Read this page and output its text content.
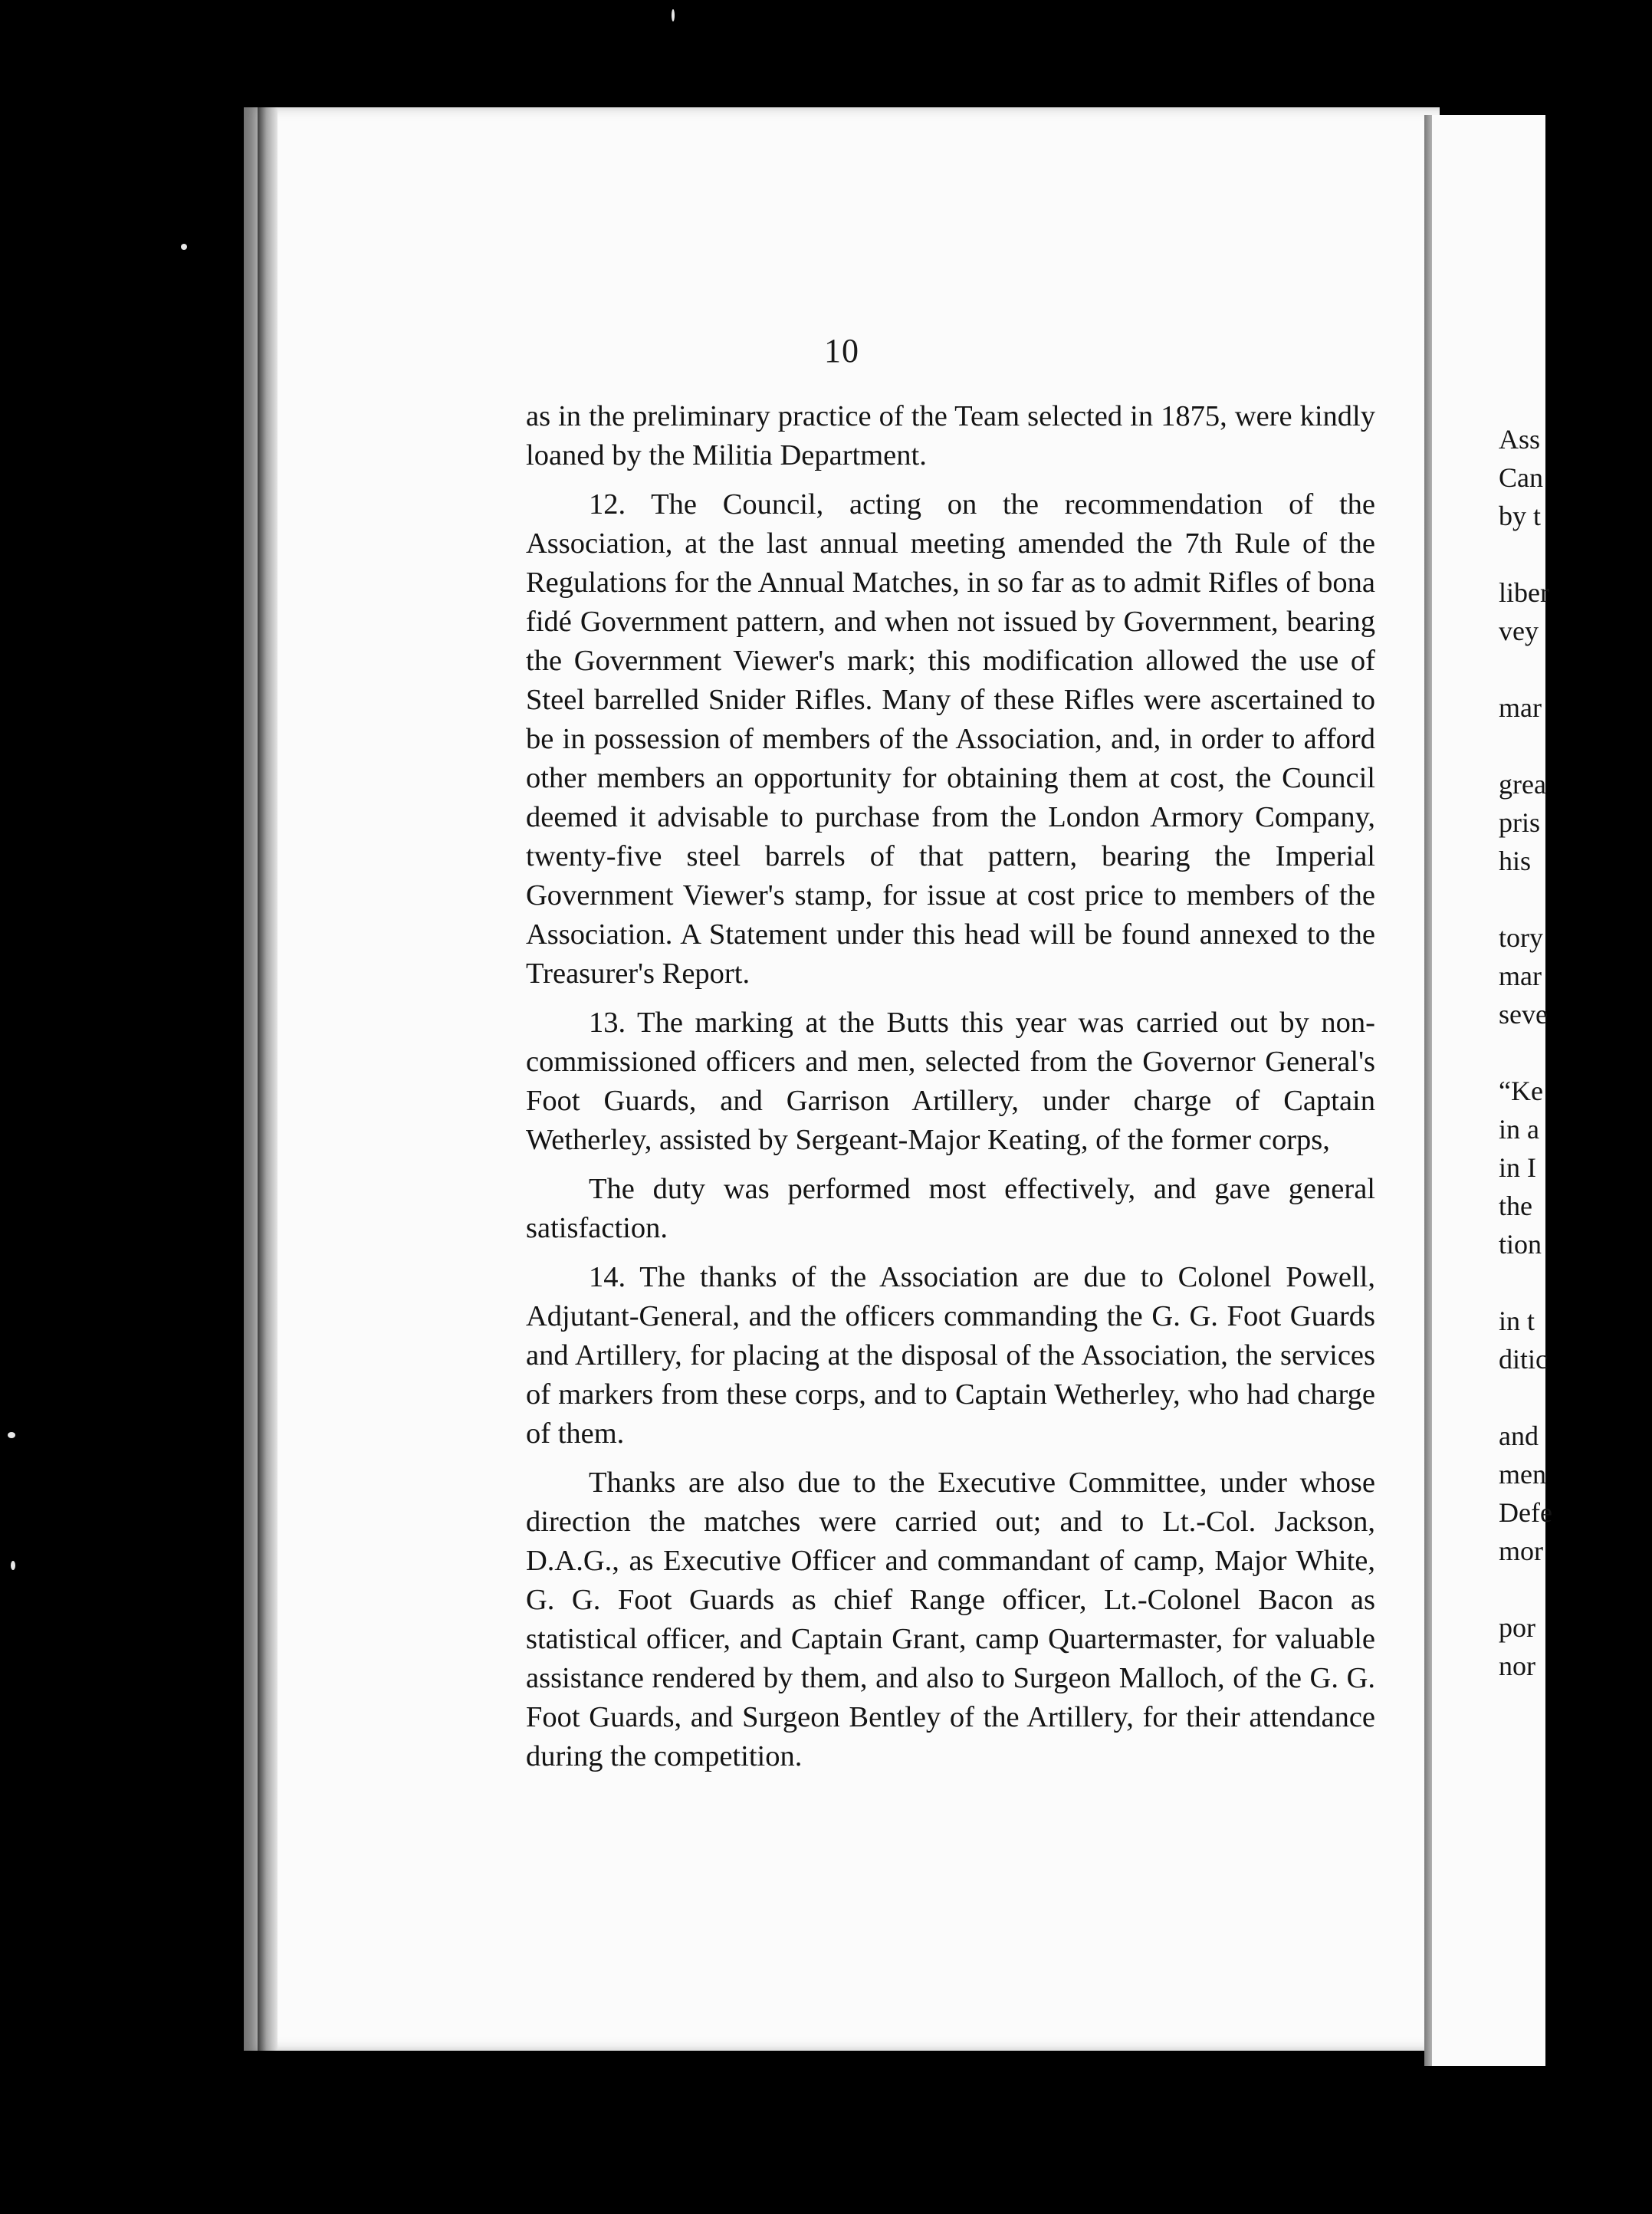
10

as in the preliminary practice of the Team selected in 1875, were kindly loaned by the Militia Department.

12. The Council, acting on the recommendation of the Association, at the last annual meeting amended the 7th Rule of the Regulations for the Annual Matches, in so far as to admit Rifles of bona fidé Government pattern, and when not issued by Government, bearing the Government Viewer's mark; this modification allowed the use of Steel barrelled Snider Rifles. Many of these Rifles were ascertained to be in possession of members of the Association, and, in order to afford other members an opportunity for obtaining them at cost, the Council deemed it advisable to purchase from the London Armory Company, twenty-five steel barrels of that pattern, bearing the Imperial Government Viewer's stamp, for issue at cost price to members of the Association. A Statement under this head will be found annexed to the Treasurer's Report.

13. The marking at the Butts this year was carried out by non-commissioned officers and men, selected from the Governor General's Foot Guards, and Garrison Artillery, under charge of Captain Wetherley, assisted by Sergeant-Major Keating, of the former corps,

The duty was performed most effectively, and gave general satisfaction.

14. The thanks of the Association are due to Colonel Powell, Adjutant-General, and the officers commanding the G. G. Foot Guards and Artillery, for placing at the disposal of the Association, the services of markers from these corps, and to Captain Wetherley, who had charge of them.

Thanks are also due to the Executive Committee, under whose direction the matches were carried out; and to Lt.-Col. Jackson, D.A.G., as Executive Officer and commandant of camp, Major White, G. G. Foot Guards as chief Range officer, Lt.-Colonel Bacon as statistical officer, and Captain Grant, camp Quartermaster, for valuable assistance rendered by them, and also to Surgeon Malloch, of the G. G. Foot Guards, and Surgeon Bentley of the Artillery, for their attendance during the competition.

Ass
Can
by t
liber
vey
mar
grea
pris
his
tory
mar
seve
“Ke
in a
in I
the
tion
in t
ditic
and
men
Defe
mor
por
nor
